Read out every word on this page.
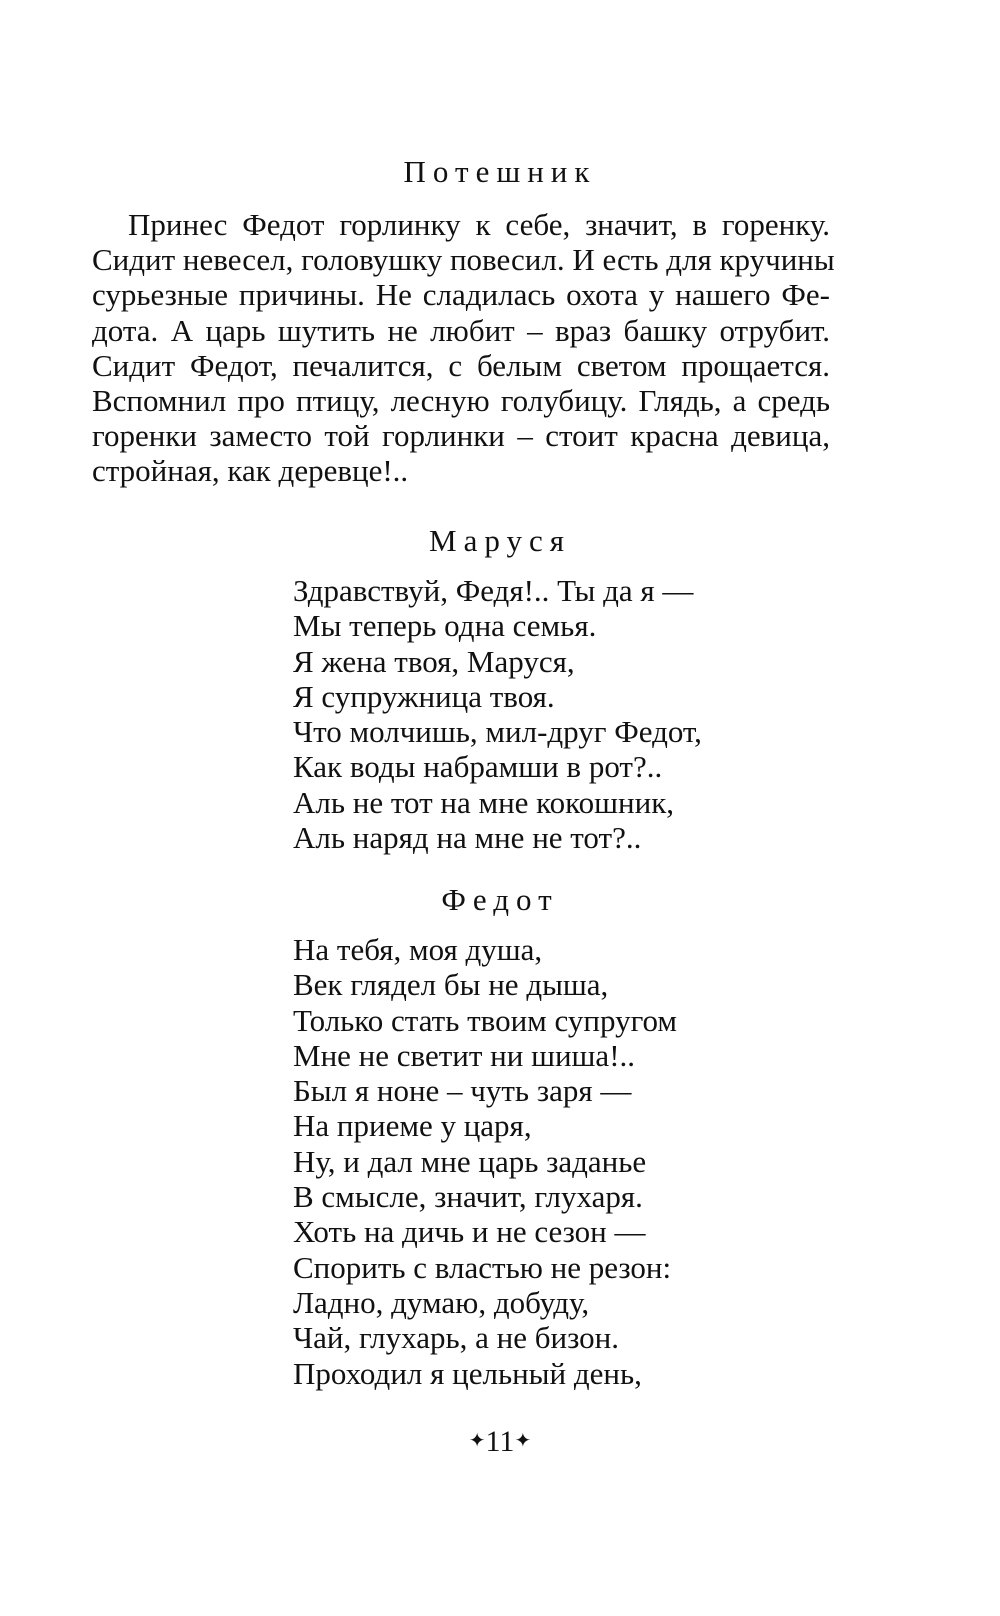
Потешник
Принес Федот горлинку к себе, значит, в горенку.
Сидит невесел, головушку повесил. И есть для кручины
сурьезные причины. Не сладилась охота у нашего Фе-
дота. А царь шутить не любит – враз башку отрубит.
Сидит Федот, печалится, с белым светом прощается.
Вспомнил про птицу, лесную голубицу. Глядь, а средь
горенки заместо той горлинки – стоит красна девица,
стройная, как деревце!..
Маруся
Здравствуй, Федя!.. Ты да я —
Мы теперь одна семья.
Я жена твоя, Маруся,
Я супружница твоя.
Что молчишь, мил-друг Федот,
Как воды набрамши в рот?..
Аль не тот на мне кокошник,
Аль наряд на мне не тот?..
Федот
На тебя, моя душа,
Век глядел бы не дыша,
Только стать твоим супругом
Мне не светит ни шиша!..
Был я ноне – чуть заря —
На приеме у царя,
Ну, и дал мне царь заданье
В смысле, значит, глухаря.
Хоть на дичь и не сезон —
Спорить с властью не резон:
Ладно, думаю, добуду,
Чай, глухарь, а не бизон.
Проходил я цельный день,
✦11✦
